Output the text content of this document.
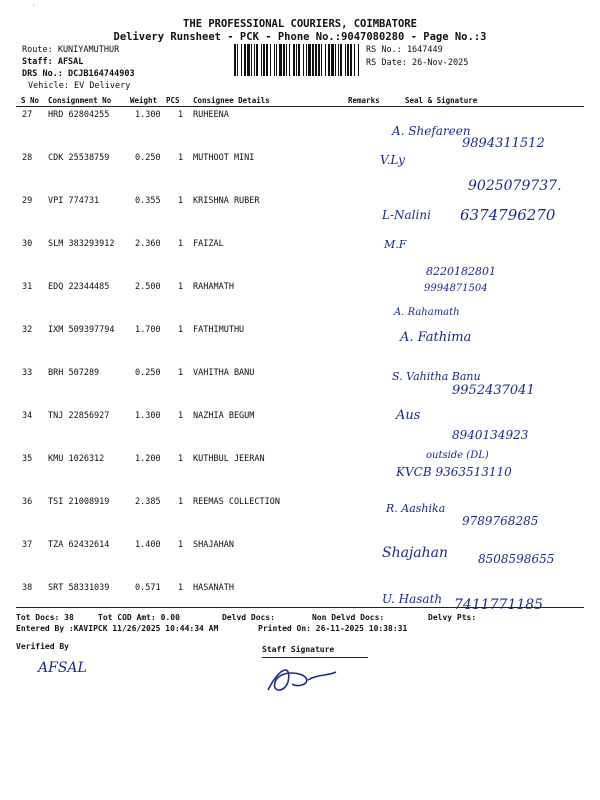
THE PROFESSIONAL COURIERS, COIMBATORE
Delivery Runsheet - PCK - Phone No.:9047080280 - Page No.:3
Route: KUNIYAMUTHUR
Staff: AFSAL
DRS No.: DCJB164744903
Vehicle: EV Delivery
RS No.: 1647449
RS Date: 26-Nov-2025
S No Consignment No	Weight PCS Consignee Details	Remarks	Seal & Signature
27 HRD 62804255	1.300 1 RUHEENA
28 CDK 25538759	0.250 1 MUTHOOT MINI
29 VPI 774731	0.355 1 KRISHNA RUBER
30 SLM 383293912 2.360 1 FAIZAL
31 EDQ 22344485	2.500 1 RAHAMATH
32 IXM 509397794 1.700 1 FATHIMUTHU
33 BRH 507289	0.250 1 VAHITHA BANU
34 TNJ 22856927	1.300 1 NAZHIA BEGUM
35 KMU 1026312	1.200 1 KUTHBUL JEERAN
36 TSI 21008919	2.385 1 REEMAS COLLECTION
37 TZA 62432614	1.400 1 SHAJAHAN
38 SRT 58331039	0.571 1 HASANATH
Tot Docs: 38	Tot COD Amt: 0.00	Delvd Docs:	Non Delvd Docs:	Delvy Pts:
Entered By :KAVIPCK 11/26/2025 10:44:34 AM	Printed On: 26-11-2025 10:38:31
Verified By
AFSAL
Staff Signature
·
A. Shefareen
9894311512
V.Ly
9025079737.
L-Nalini 6374796270
M.F
8220182801
9994871504
A. Rahamath
A. Fathima
S. Vahitha Banu
9952437041
Aus
8940134923
outside (DL)
KVCB 9363513110
R. Aashika
9789768285
Shajahan 8508598655
U. Hasath 7411771185
